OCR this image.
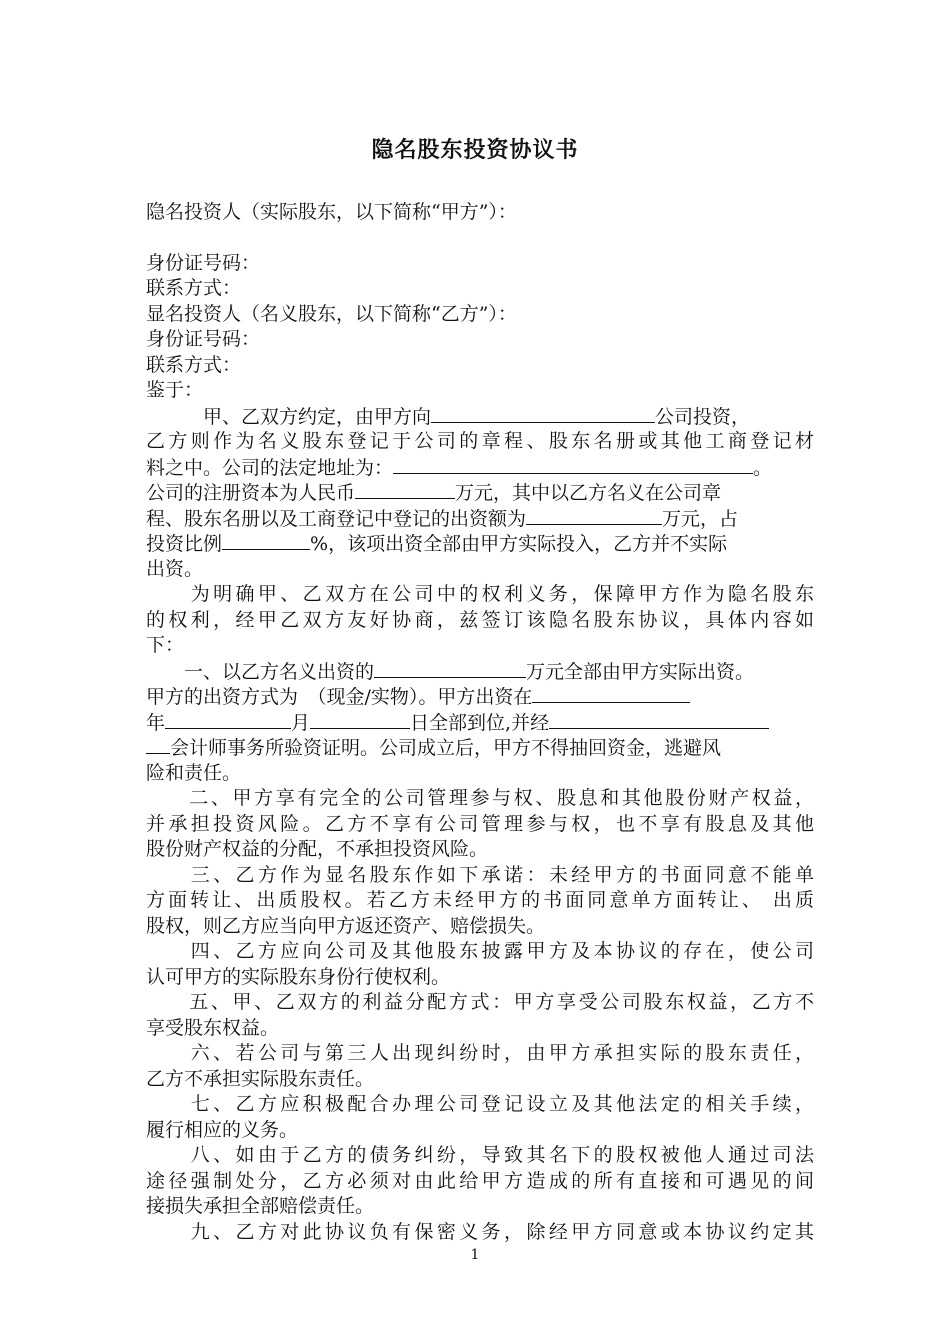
隐名股东投资协议书
隐名投资人（实际股东，以下简称“甲方”）：
身份证号码：
联系方式：
显名投资人（名义股东，以下简称“乙方”）：
身份证号码：
联系方式：
鉴于：
　　　甲、乙双方约定，由甲方向	公司投资，
乙方则作为名义股东登记于公司的章程、股东名册或其他工商登记材
料之中。公司的法定地址为：	。
公司的注册资本为人民币	万元，其中以乙方名义在公司章
程、股东名册以及工商登记中登记的出资额为	万元，占
投资比例	%，该项出资全部由甲方实际投入，乙方并不实际
出资。
　　为明确甲、乙双方在公司中的权利义务，保障甲方作为隐名股东
的权利，经甲乙双方友好协商，兹签订该隐名股东协议，具体内容如
下：
　　一、以乙方名义出资的	万元全部由甲方实际出资。
甲方的出资方式为　（现金/实物）。甲方出资在
年	月	日全部到位,并经
会计师事务所验资证明。公司成立后，甲方不得抽回资金，逃避风
险和责任。
　　二、甲方享有完全的公司管理参与权、股息和其他股份财产权益，
并承担投资风险。乙方不享有公司管理参与权，也不享有股息及其他
股份财产权益的分配，不承担投资风险。
　　三、乙方作为显名股东作如下承诺：未经甲方的书面同意不能单
方面转让、出质股权。若乙方未经甲方的书面同意单方面转让、 出质
股权，则乙方应当向甲方返还资产、赔偿损失。
　　四、乙方应向公司及其他股东披露甲方及本协议的存在，使公司
认可甲方的实际股东身份行使权利。
　　五、甲、乙双方的利益分配方式：甲方享受公司股东权益，乙方不
享受股东权益。
　　六、若公司与第三人出现纠纷时，由甲方承担实际的股东责任，
乙方不承担实际股东责任。
　　七、乙方应积极配合办理公司登记设立及其他法定的相关手续，
履行相应的义务。
　　八、如由于乙方的债务纠纷，导致其名下的股权被他人通过司法
途径强制处分，乙方必须对由此给甲方造成的所有直接和可遇见的间
接损失承担全部赔偿责任。
　　九、乙方对此协议负有保密义务，除经甲方同意或本协议约定其
1
